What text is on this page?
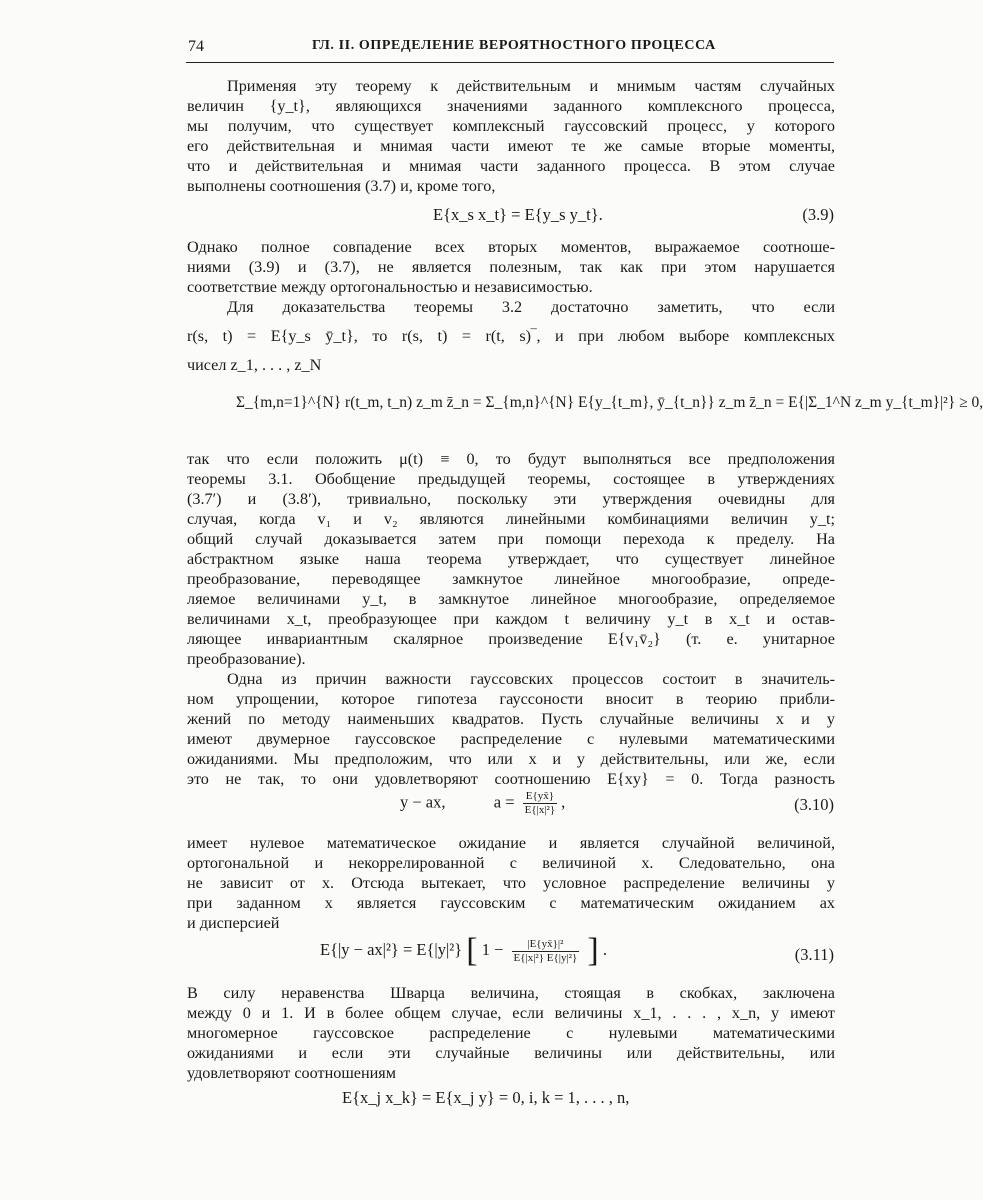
74	ГЛ. II. ОПРЕДЕЛЕНИЕ ВЕРОЯТНОСТНОГО ПРОЦЕССА
Применяя эту теорему к действительным и мнимым частям случайных
величин {y_t}, являющихся значениями заданного комплексного процесса,
мы получим, что существует комплексный гауссовский процесс, у которого
его действительная и мнимая части имеют те же самые вторые моменты,
что и действительная и мнимая части заданного процесса. В этом случае
выполнены соотношения (3.7) и, кроме того,
E{x_s x_t} = E{y_s y_t}.	(3.9)
Однако полное совпадение всех вторых моментов, выражаемое соотноше-
ниями (3.9) и (3.7), не является полезным, так как при этом нарушается
соответствие между ортогональностью и независимостью.
Для доказательства теоремы 3.2 достаточно заметить, что если
r(s, t) = E{y_s ȳ_t}, то r(s, t) = r(t, s)‾, и при любом выборе комплексных
чисел z_1, . . . , z_N
Σ_{m,n=1}^{N} r(t_m, t_n) z_m z̄_n = Σ_{m,n}^{N} E{y_{t_m}, ȳ_{t_n}} z_m z̄_n = E{|Σ_1^N z_m y_{t_m}|²} ≥ 0,
так что если положить μ(t) ≡ 0, то будут выполняться все предположения
теоремы 3.1. Обобщение предыдущей теоремы, состоящее в утверждениях
(3.7′) и (3.8′), тривиально, поскольку эти утверждения очевидны для
случая, когда v₁ и v₂ являются линейными комбинациями величин y_t;
общий случай доказывается затем при помощи перехода к пределу. На
абстрактном языке наша теорема утверждает, что существует линейное
преобразование, переводящее замкнутое линейное многообразие, опреде-
ляемое величинами y_t, в замкнутое линейное многообразие, определяемое
величинами x_t, преобразующее при каждом t величину y_t в x_t и остав-
ляющее инвариантным скалярное произведение E{v₁v̄₂} (т. е. унитарное
преобразование).
Одна из причин важности гауссовских процессов состоит в значитель-
ном упрощении, которое гипотеза гауссоности вносит в теорию прибли-
жений по методу наименьших квадратов. Пусть случайные величины x и y
имеют двумерное гауссовское распределение с нулевыми математическими
ожиданиями. Мы предположим, что или x и y действительны, или же, если
это не так, то они удовлетворяют соотношению E{xy} = 0. Тогда разность
y − ax,	$a = \frac{E\{yx̄\}}{\text{E\{|x|²\}}}$ ,	(3.10)
имеет нулевое математическое ожидание и является случайной величиной,
ортогональной и некоррелированной с величиной x. Следовательно, она
не зависит от x. Отсюда вытекает, что условное распределение величины y
при заданном x является гауссовским с математическим ожиданием ax
и дисперсией
E{|y − ax|²} = E{|y|²} [ $1 - \frac{\text{|E\{yx̄\}|²}}{\text{E\{|x|²\} E\{|y|²\}}}$ ] .	(3.11)
В силу неравенства Шварца величина, стоящая в скобках, заключена
между 0 и 1. И в более общем случае, если величины x_1, . . . , x_n, y имеют
многомерное гауссовское распределение с нулевыми математическими
ожиданиями и если эти случайные величины или действительны, или
удовлетворяют соотношениям
E{x_j x_k} = E{x_j y} = 0, i, k = 1, . . . , n,
